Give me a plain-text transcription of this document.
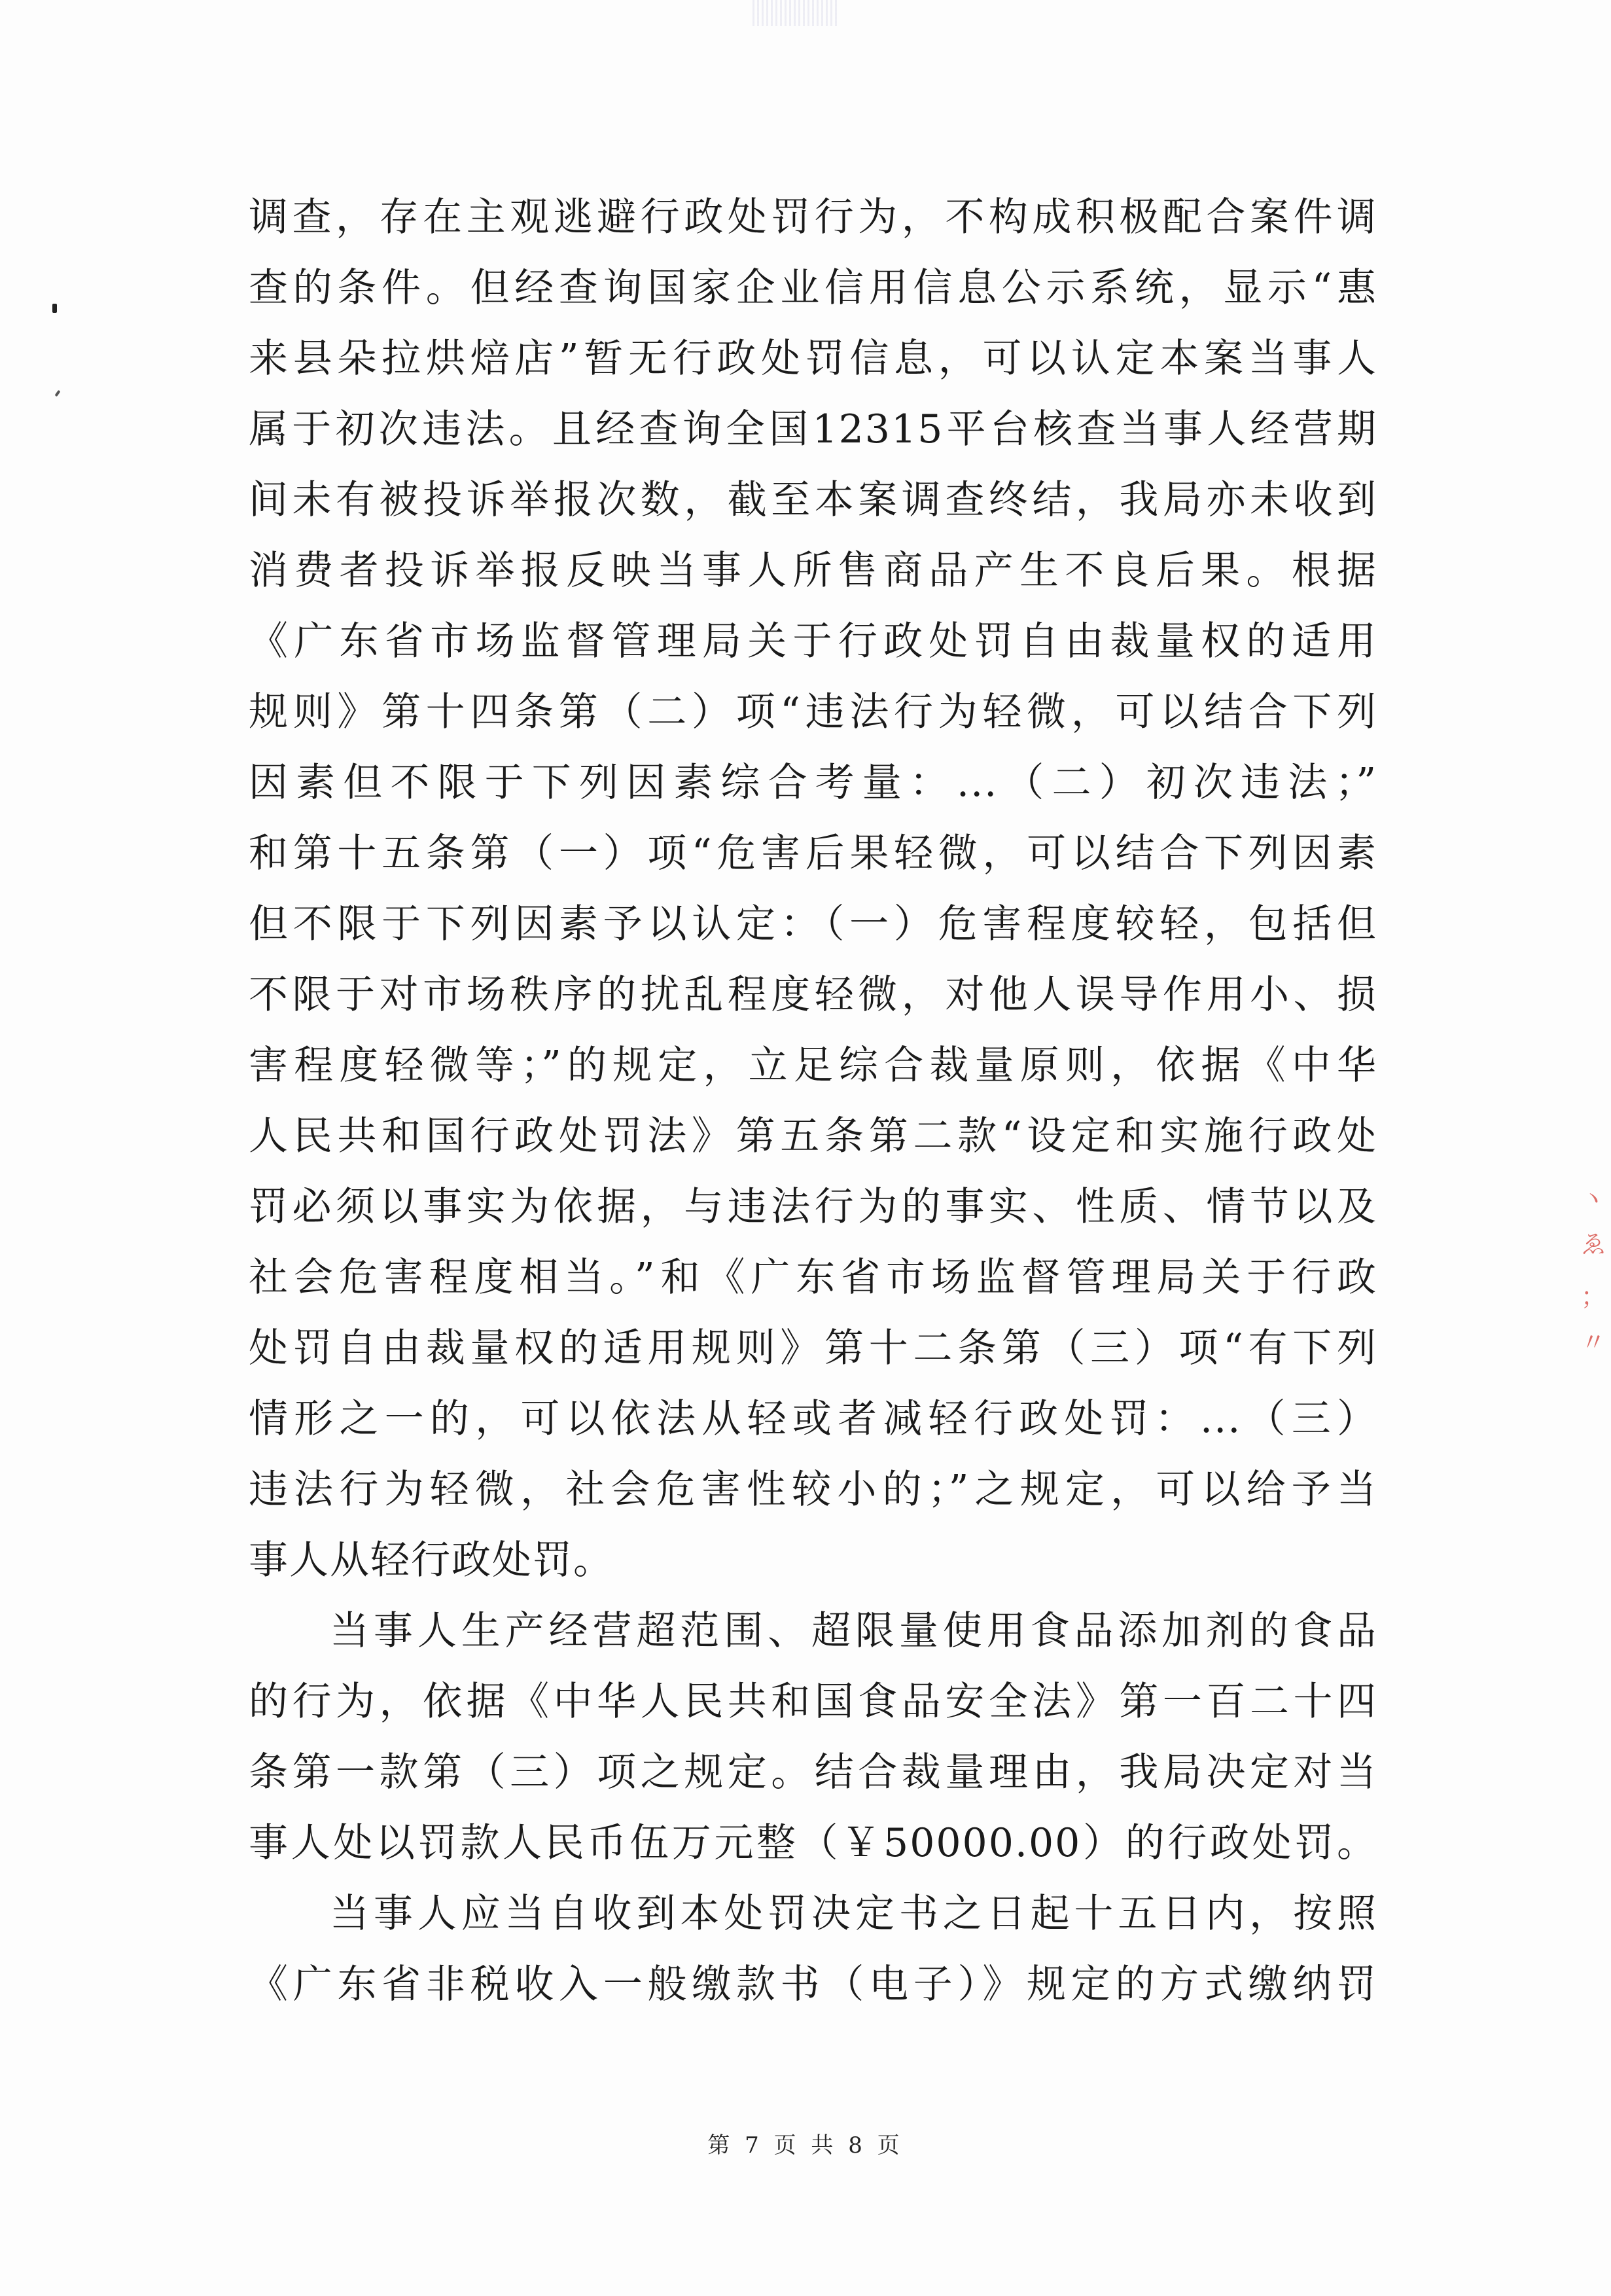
调查，存在主观逃避行政处罚行为，不构成积极配合案件调
查的条件。但经查询国家企业信用信息公示系统，显示“惠
来县朵拉烘焙店”暂无行政处罚信息，可以认定本案当事人
属于初次违法。且经查询全国12315平台核查当事人经营期
间未有被投诉举报次数，截至本案调查终结，我局亦未收到
消费者投诉举报反映当事人所售商品产生不良后果。根据
《广东省市场监督管理局关于行政处罚自由裁量权的适用
规则》第十四条第（二）项“违法行为轻微，可以结合下列
因素但不限于下列因素综合考量：...（二）初次违法；”
和第十五条第（一）项“危害后果轻微，可以结合下列因素
但不限于下列因素予以认定：（一）危害程度较轻，包括但
不限于对市场秩序的扰乱程度轻微，对他人误导作用小、损
害程度轻微等；”的规定，立足综合裁量原则，依据《中华
人民共和国行政处罚法》第五条第二款“设定和实施行政处
罚必须以事实为依据，与违法行为的事实、性质、情节以及
社会危害程度相当。”和《广东省市场监督管理局关于行政
处罚自由裁量权的适用规则》第十二条第（三）项“有下列
情形之一的，可以依法从轻或者减轻行政处罚：...（三）
违法行为轻微，社会危害性较小的；”之规定，可以给予当
事人从轻行政处罚。
当事人生产经营超范围、超限量使用食品添加剂的食品
的行为，依据《中华人民共和国食品安全法》第一百二十四
条第一款第（三）项之规定。结合裁量理由，我局决定对当
事人处以罚款人民币伍万元整（￥50000.00）的行政处罚。
当事人应当自收到本处罚决定书之日起十五日内，按照
《广东省非税收入一般缴款书（电子）》规定的方式缴纳罚
ヽ
ゑ
；
〃
第 7 页 共 8 页
